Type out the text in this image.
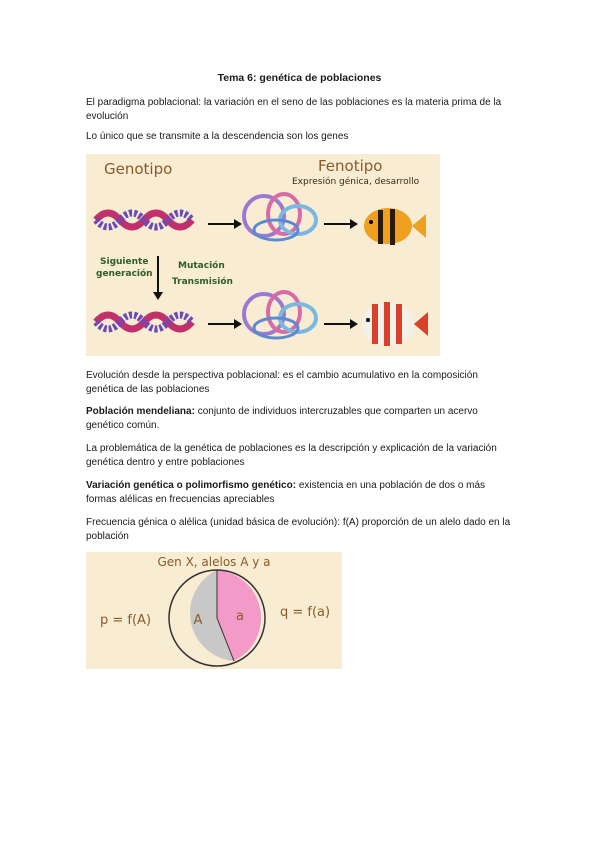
Tema 6: genética de poblaciones
El paradigma poblacional: la variación en el seno de las poblaciones es la materia prima de la evolución
Lo único que se transmite a la descendencia son los genes
Genotipo	Fenotipo
Expresión génica, desarrollo
Siguiente
generación
Mutación
Transmisión
Evolución desde la perspectiva poblacional: es el cambio acumulativo en la composición genética de las poblaciones
Población mendeliana: conjunto de individuos intercruzables que comparten un acervo genético común.
La problemática de la genética de poblaciones es la descripción y explicación de la variación genética dentro y entre poblaciones
Variación genética o polimorfismo genético: existencia en una población de dos o más formas alélicas en frecuencias apreciables
Frecuencia génica o alélica (unidad básica de evolución): f(A) proporción de un alelo dado en la población
Gen X, alelos A y a
A	a
p = f(A)
q = f(a)
